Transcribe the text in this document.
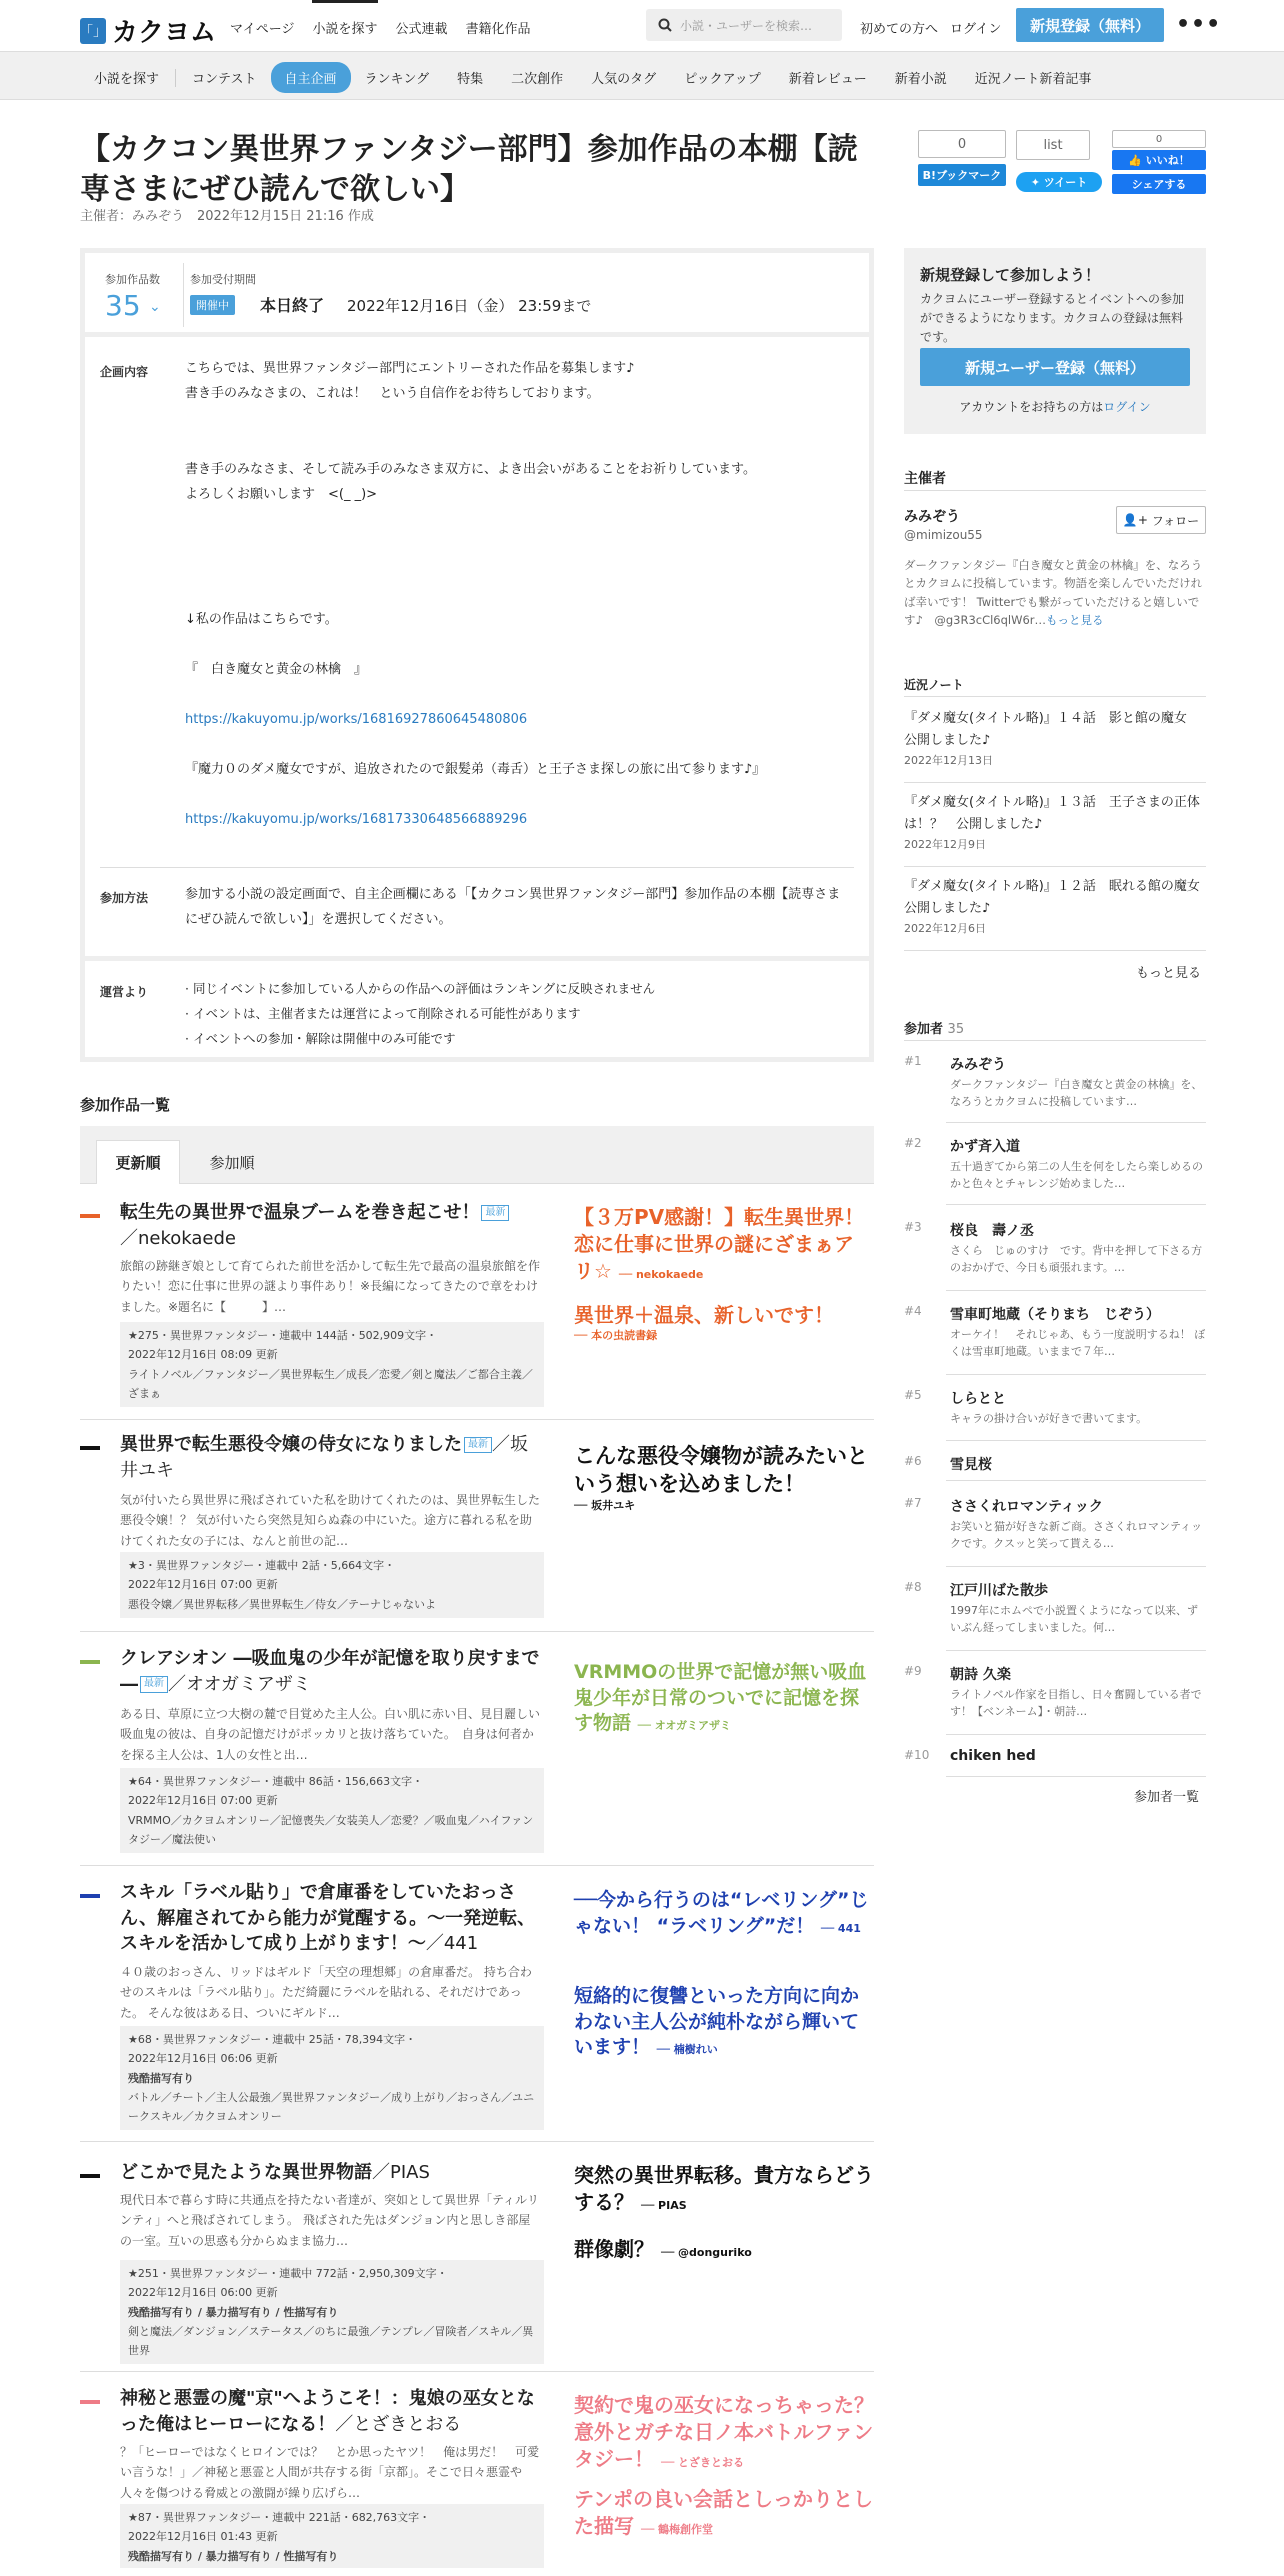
「」 カクヨム マイページ 小説を探す 公式連載 書籍化作品	小説・ユーザーを検索…	初めての方へ ログイン	新規登録（無料）	•••
小説を探す	コンテスト	自主企画	ランキング	特集	二次創作	人気のタグ	ピックアップ	新着レビュー	新着小説	近況ノート新着記事
【カクコン異世界ファンタジー部門】参加作品の本棚【読専さまにぜひ読んで欲しい】
主催者：みみぞう　2022年12月15日 21:16 作成
0
B!ブックマーク
list
✦
ツイート
0
👍
いいね！
シェアする
参加作品数
35 ⌄
参加受付期間
開催中	本日終了 2022年12月16日（金） 23:59まで
企画内容	こちらでは、異世界ファンタジー部門にエントリーされた作品を募集します♪
書き手のみなさまの、これは！　という自信作をお待ちしております。
書き手のみなさま、そして読み手のみなさま双方に、よき出会いがあることをお祈りしています。
よろしくお願いします　<(_ _)>
↓私の作品はこちらです。
『　白き魔女と黄金の林檎　』
https://kakuyomu.jp/works/16816927860645480806
『魔力０のダメ魔女ですが、追放されたので銀髪弟（毒舌）と王子さま探しの旅に出て参ります♪』
https://kakuyomu.jp/works/16817330648566889296
参加方法	参加する小説の設定画面で、自主企画欄にある「【カクコン異世界ファンタジー部門】参加作品の本棚【読専さまにぜひ読んで欲しい】」を選択してください。
運営より	· 同じイベントに参加している人からの作品への評価はランキングに反映されません
· イベントは、主催者または運営によって削除される可能性があります
· イベントへの参加・解除は開催中のみ可能です
新規登録して参加しよう！
カクヨムにユーザー登録するとイベントへの参加ができるようになります。カクヨムの登録は無料です。
新規ユーザー登録（無料）
アカウントをお持ちの方はログイン
主催者
みみぞう
@mimizou55
👤+
フォロー
ダークファンタジー『白き魔女と黄金の林檎』を、なろうとカクヨムに投稿しています。物語を楽しんでいただければ幸いです！ Twitterでも繋がっていただけると嬉しいです♪　@g3R3cCl6qlW6r…もっと見る
近況ノート
『ダメ魔女(タイトル略)』１４話　影と館の魔女　公開しました♪
2022年12月13日
『ダメ魔女(タイトル略)』１３話　王子さまの正体は！？　公開しました♪
2022年12月9日
『ダメ魔女(タイトル略)』１２話　眠れる館の魔女　公開しました♪
2022年12月6日
もっと見る
参加者 35
#1 みみぞう
ダークファンタジー『白き魔女と黄金の林檎』を、なろうとカクヨムに投稿しています…
#2 かず斉入道
五十過ぎてから第二の人生を何をしたら楽しめるのかと色々とチャレンジ始めました…
#3 桜良　壽ノ丞
さくら　じゅのすけ　です。背中を押して下さる方のおかげで、今日も頑張れます。…
#4 雪車町地蔵（そりまち　じぞう）
オーケイ！　それじゃあ、もう一度説明するね！ ぼくは雪車町地蔵。いままで７年…
#5 しらとと
キャラの掛け合いが好きで書いてます。
#6 雪見桜
#7 ささくれロマンティック
お笑いと猫が好きな新ご商。ささくれロマンティックです。クスッと笑って貰える…
#8 江戸川ばた散歩
1997年にホムペで小説置くようになって以来、ずいぶん経ってしまいました。何…
#9 朝詩 久楽
ライトノベル作家を目指し、日々奮闘している者です！【ベンネーム】・朝詩…
#10 chiken hed
参加者一覧
参加作品一覧
更新順	参加順
転生先の異世界で温泉ブームを巻き起こせ！ 最新
／nekokaede
旅館の跡継ぎ娘として育てられた前世を活かして転生先で最高の温泉旅館を作りたい！恋に仕事に世界の謎より事件あり！※長編になってきたので章をわけました。※題名に【　　　】…
★275・異世界ファンタジー・連載中 144話・502,909文字・
2022年12月16日 08:09 更新
ライトノベル／ファンタジー／異世界転生／成長／恋愛／剣と魔法／ご都合主義／ざまぁ
【３万PV感謝！】転生異世界！恋に仕事に世界の謎にざまぁア リ☆ ── nekokaede
異世界＋温泉、新しいです！
── 本の虫読書録
異世界で転生悪役令嬢の侍女になりました 最新 ／坂井ユキ
気が付いたら異世界に飛ばされていた私を助けてくれたのは、異世界転生した悪役令嬢！？ 気が付いたら突然見知らぬ森の中にいた。途方に暮れる私を助けてくれた女の子には、なんと前世の記…
★3・異世界ファンタジー・連載中 2話・5,664文字・
2022年12月16日 07:00 更新
悪役令嬢／異世界転移／異世界転生／侍女／テーナじゃないよ
こんな悪役令嬢物が読みたいという想いを込めました！
── 坂井ユキ
クレアシオン ―吸血鬼の少年が記憶を取り戻すまで― 最新 ／オオガミアザミ
ある日、草原に立つ大樹の麓で目覚めた主人公。白い肌に赤い目、見目麗しい吸血鬼の彼は、自身の記憶だけがポッカリと抜け落ちていた。　自身は何者かを探る主人公は、1人の女性と出…
★64・異世界ファンタジー・連載中 86話・156,663文字・
2022年12月16日 07:00 更新
VRMMO／カクヨムオンリー／記憶喪失／女装美人／恋愛？／吸血鬼／ハイファンタジー／魔法使い
VRMMOの世界で記憶が無い吸血鬼少年が日常のついでに記憶を探す物語 ── オオガミアザミ
スキル「ラベル貼り」で倉庫番をしていたおっさん、解雇されてから能力が覚醒する。～一発逆転、スキルを活かして成り上がります！～／441
４０歳のおっさん、リッドはギルド「天空の理想郷」の倉庫番だ。 持ち合わせのスキルは「ラベル貼り」。ただ綺麗にラベルを貼れる、それだけであった。 そんな彼はある日、ついにギルド…
★68・異世界ファンタジー・連載中 25話・78,394文字・
2022年12月16日 06:06 更新
残酷描写有り
バトル／チート／主人公最強／異世界ファンタジー／成り上がり／おっさん／ユニークスキル／カクヨムオンリー
──今から行うのは“レベリング”じゃない！ “ラベリング”だ！ ── 441
短絡的に復讐といった方向に向かわない主人公が純朴ながら輝いています！ ── 楠樹れい
どこかで見たような異世界物語／PIAS
現代日本で暮らす時に共通点を持たない者達が、突如として異世界「ティルリンティ」へと飛ばされてしまう。 飛ばされた先はダンジョン内と思しき部屋の一室。互いの思惑も分からぬまま協力…
★251・異世界ファンタジー・連載中 772話・2,950,309文字・
2022年12月16日 06:00 更新
残酷描写有り / 暴力描写有り / 性描写有り
剣と魔法／ダンジョン／ステータス／のちに最強／テンプレ／冒険者／スキル／異世界
突然の異世界転移。貴方ならどうする？ ── PIAS
群像劇？ ── @donguriko
神秘と悪霊の魔"京"へようこそ！：鬼娘の巫女となった俺はヒーローになる！／とざきとおる
？「ヒーローではなくヒロインでは？　とか思ったヤツ！　俺は男だ！　可愛い言うな！」／神秘と悪霊と人間が共存する街「京都」。そこで日々悪霊や人々を傷つける脅威との激闘が繰り広げら…
★87・異世界ファンタジー・連載中 221話・682,763文字・
2022年12月16日 01:43 更新
残酷描写有り / 暴力描写有り / 性描写有り
契約で鬼の巫女になっちゃった？　意外とガチな日ノ本バトルファンタジー！ ── とざきとおる
テンポの良い会話としっかりとした描写 ── 鶴梅創作堂
